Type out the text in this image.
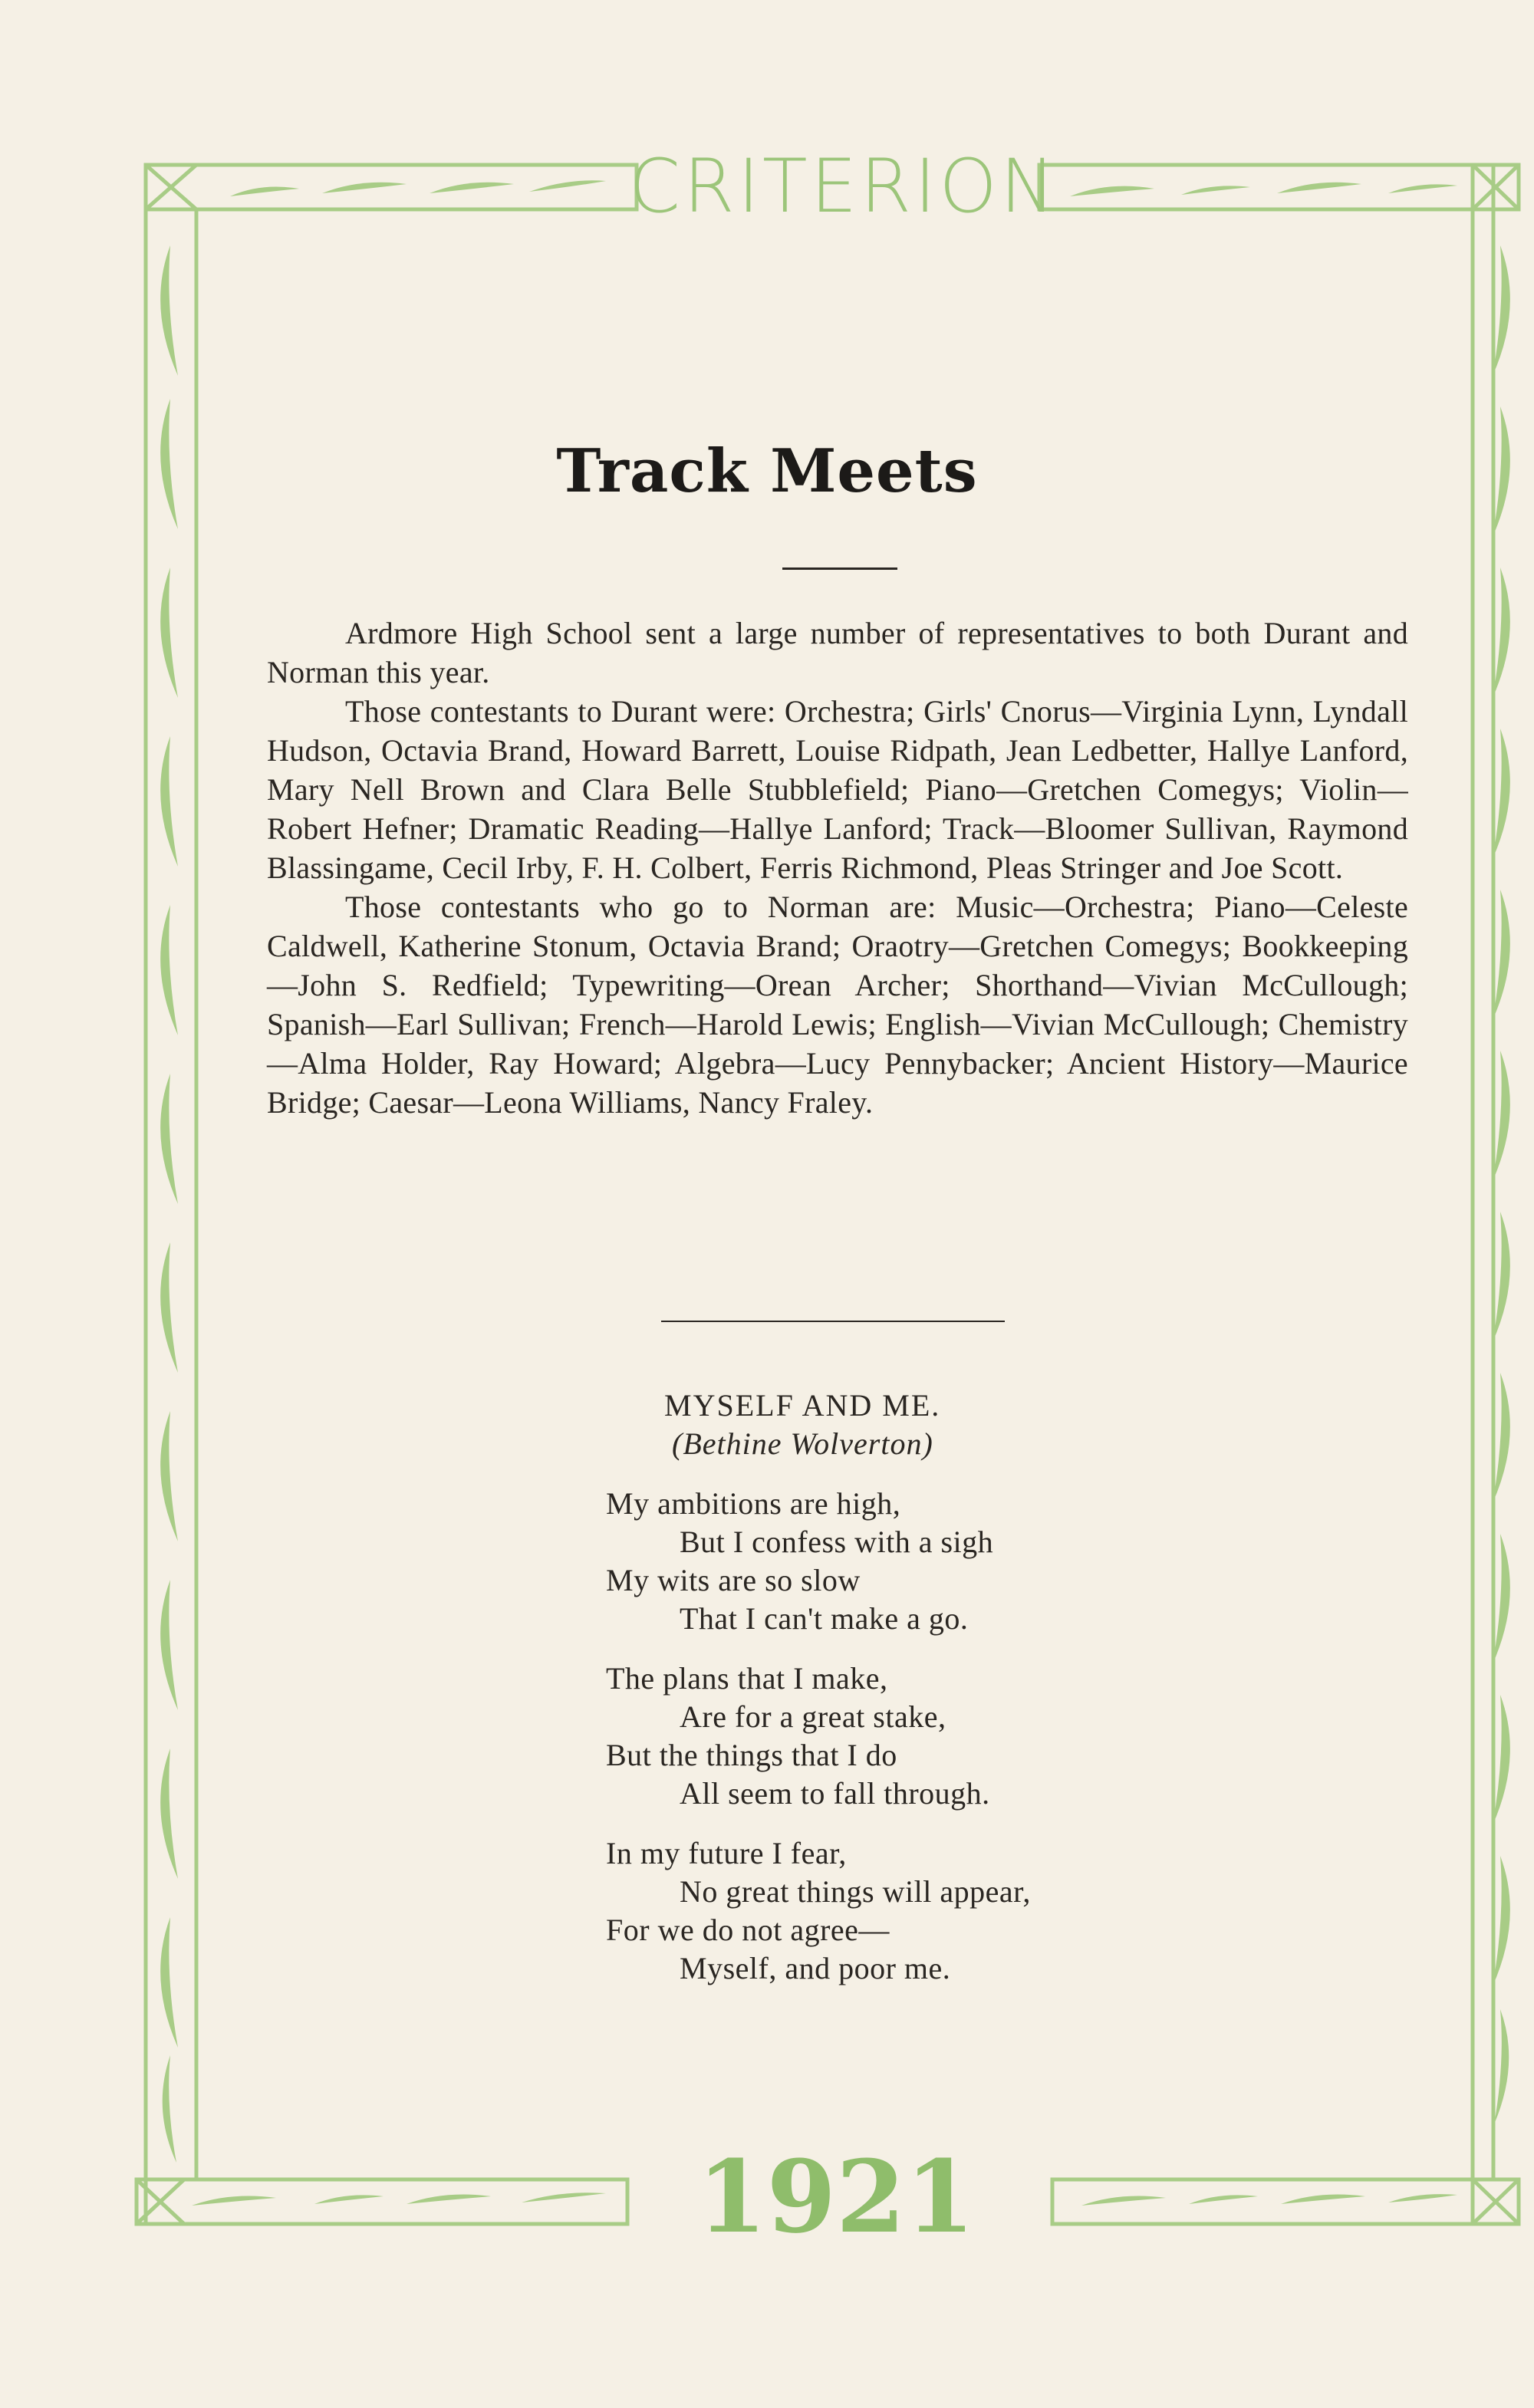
CRITERION
1921
Track Meets

Ardmore High School sent a large number of representatives to both Durant and Norman this year.

Those contestants to Durant were: Orchestra; Girls' Cnorus—Virginia Lynn, Lyndall Hudson, Octavia Brand, Howard Barrett, Louise Ridpath, Jean Ledbetter, Hallye Lanford, Mary Nell Brown and Clara Belle Stubblefield; Piano—Gretchen Comegys; Violin—Robert Hefner; Dramatic Reading—Hallye Lanford; Track—Bloomer Sullivan, Raymond Blassingame, Cecil Irby, F. H. Colbert, Ferris Richmond, Pleas Stringer and Joe Scott.

Those contestants who go to Norman are: Music—Orchestra; Piano—Celeste Caldwell, Katherine Stonum, Octavia Brand; Oraotry—Gretchen Comegys; Bookkeeping—John S. Redfield; Typewriting—Orean Archer; Shorthand—Vivian McCullough; Spanish—Earl Sullivan; French—Harold Lewis; English—Vivian McCullough; Chemistry—Alma Holder, Ray Howard; Algebra—Lucy Pennybacker; Ancient History—Maurice Bridge; Caesar—Leona Williams, Nancy Fraley.

MYSELF AND ME.
(Bethine Wolverton)
My ambitions are high,
But I confess with a sigh
My wits are so slow
That I can't make a go.
The plans that I make,
Are for a great stake,
But the things that I do
All seem to fall through.
In my future I fear,
No great things will appear,
For we do not agree—
Myself, and poor me.
